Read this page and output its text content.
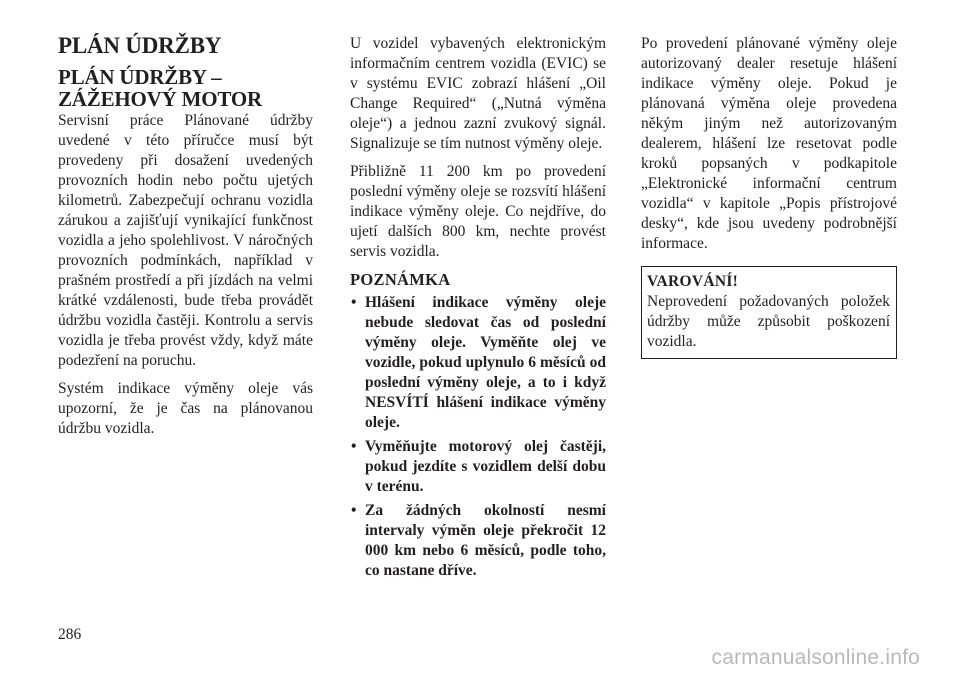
PLÁN ÚDRŽBY
PLÁN ÚDRŽBY – ZÁŽEHOVÝ MOTOR

Servisní práce Plánované údržby uvedené v této příručce musí být provedeny při dosažení uvedených provozních hodin nebo počtu ujetých kilometrů. Zabezpečují ochranu vozidla zárukou a zajišťují vynikající funkčnost vozidla a jeho spolehlivost. V náročných provozních podmínkách, například v prašném prostředí a při jízdách na velmi krátké vzdálenosti, bude třeba provádět údržbu vozidla častěji. Kontrolu a servis vozidla je třeba provést vždy, když máte podezření na poruchu.

Systém indikace výměny oleje vás upozorní, že je čas na plánovanou údržbu vozidla.

U vozidel vybavených elektronickým informačním centrem vozidla (EVIC) se v systému EVIC zobrazí hlášení „Oil Change Required“ („Nutná výměna oleje“) a jednou zazní zvukový signál. Signalizuje se tím nutnost výměny oleje.

Přibližně 11 200 km po provedení poslední výměny oleje se rozsvítí hlášení indikace výměny oleje. Co nejdříve, do ujetí dalších 800 km, nechte provést servis vozidla.

POZNÁMKA
• Hlášení indikace výměny oleje nebude sledovat čas od poslední výměny oleje. Vyměňte olej ve vozidle, pokud uplynulo 6 měsíců od poslední výměny oleje, a to i když NESVÍTÍ hlášení indikace výměny oleje.
• Vyměňujte motorový olej častěji, pokud jezdíte s vozidlem delší dobu v terénu.
• Za žádných okolností nesmí intervaly výměn oleje překročit 12 000 km nebo 6 měsíců, podle toho, co nastane dříve.

Po provedení plánované výměny oleje autorizovaný dealer resetuje hlášení indikace výměny oleje. Pokud je plánovaná výměna oleje provedena někým jiným než autorizovaným dealerem, hlášení lze resetovat podle kroků popsaných v podkapitole „Elektronické informační centrum vozidla“ v kapitole „Popis přístrojové desky“, kde jsou uvedeny podrobnější informace.

VAROVÁNÍ!

Neprovedení požadovaných položek údržby může způsobit poškození vozidla.

286
carmanualsonline.info
